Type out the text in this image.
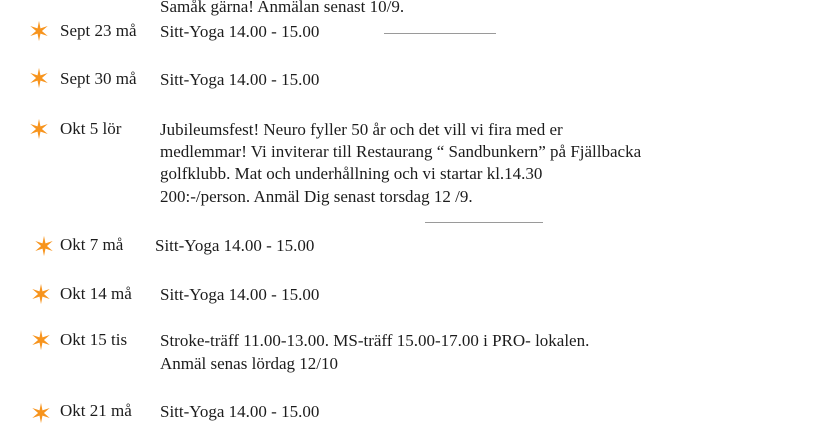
Samåk gärna! Anmälan senast 10/9.
Sept 23 må Sitt-Yoga 14.00 - 15.00
Sept 30 må Sitt-Yoga 14.00 - 15.00
Okt 5 lör Jubileumsfest! Neuro fyller 50 år och det vill vi fira med er
medlemmar! Vi inviterar till Restaurang “ Sandbunkern” på Fjällbacka
golfklubb. Mat och underhållning och vi startar kl.14.30
200:-/person. Anmäl Dig senast torsdag 12 /9.
Okt 7 må Sitt-Yoga 14.00 - 15.00
Okt 14 må Sitt-Yoga 14.00 - 15.00
Okt 15 tis Stroke-träff 11.00-13.00. MS-träff 15.00-17.00 i PRO- lokalen.
Anmäl senas lördag 12/10
Okt 21 må Sitt-Yoga 14.00 - 15.00
